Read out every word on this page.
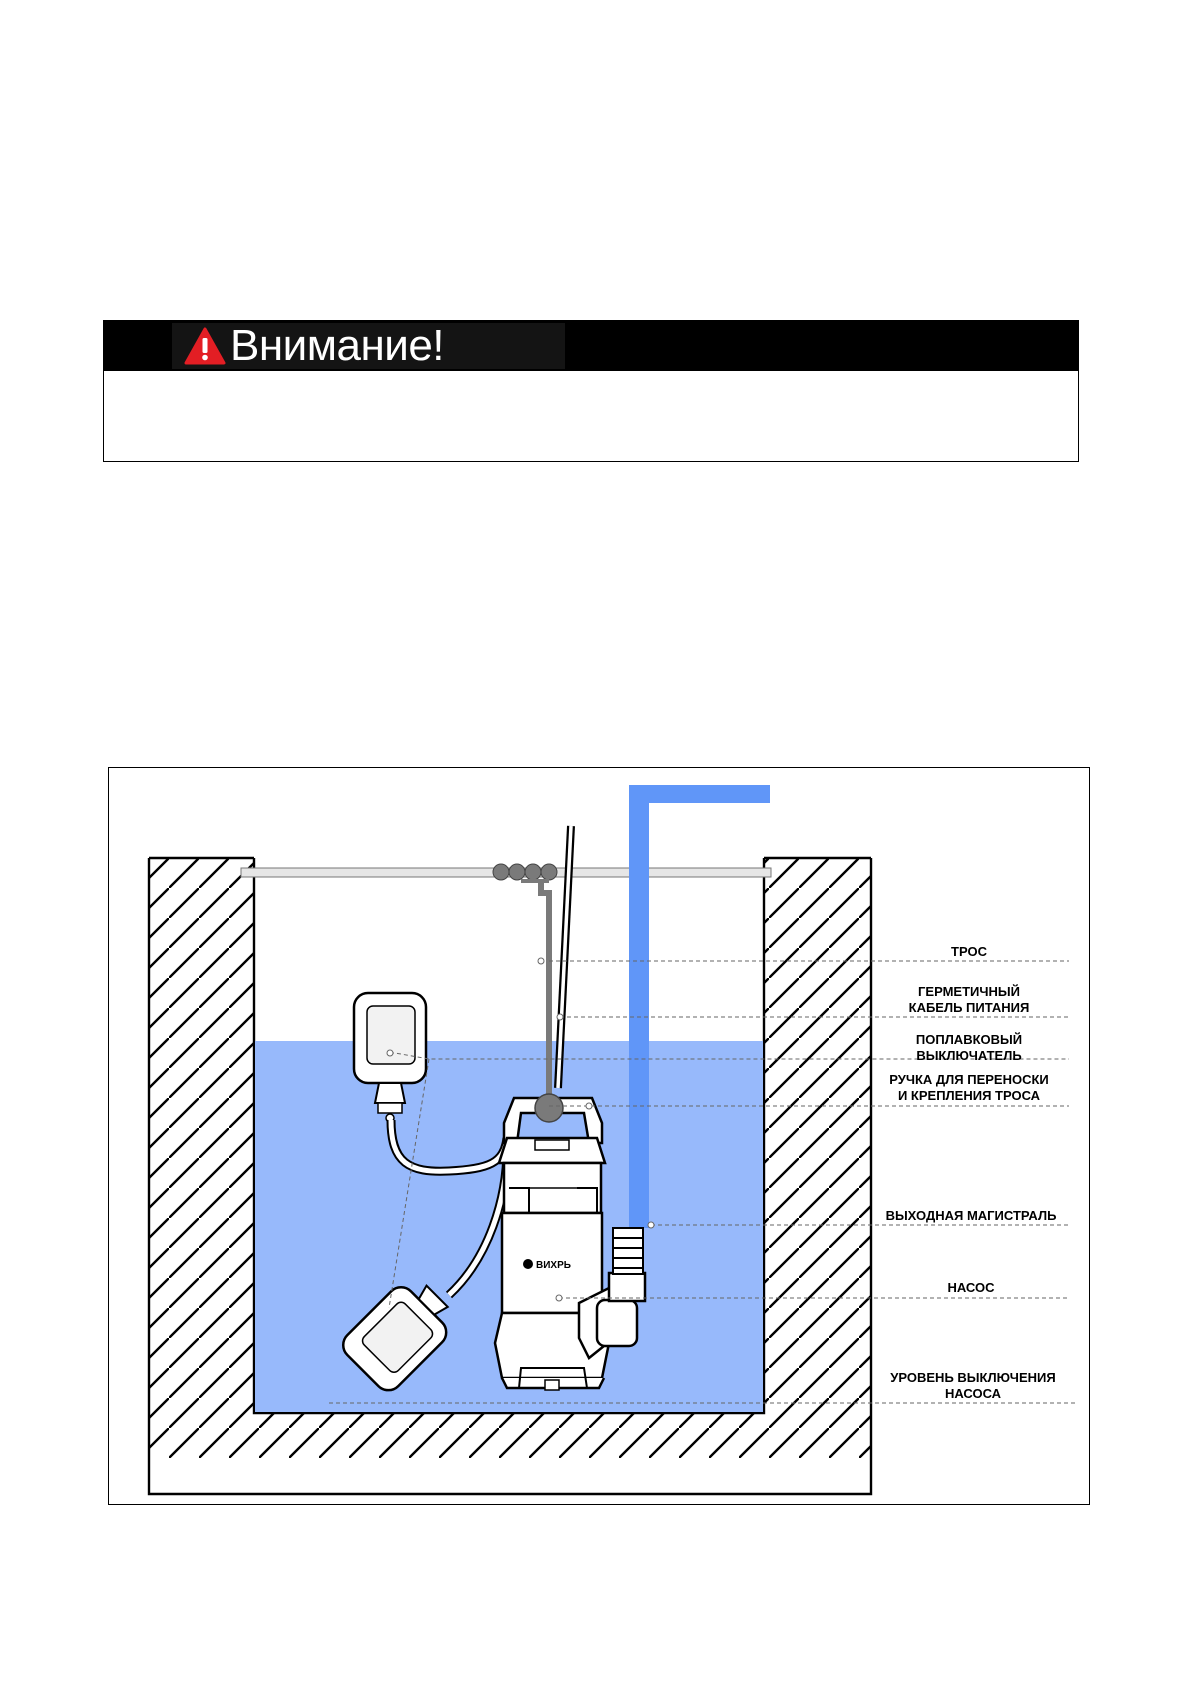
Внимание!
ВИХРЬ
ТРОС
ГЕРМЕТИЧНЫЙ
КАБЕЛЬ ПИТАНИЯ
ПОПЛАВКОВЫЙ
ВЫКЛЮЧАТЕЛЬ
РУЧКА ДЛЯ ПЕРЕНОСКИ
И КРЕПЛЕНИЯ ТРОСА
ВЫХОДНАЯ МАГИСТРАЛЬ
НАСОС
УРОВЕНЬ ВЫКЛЮЧЕНИЯ
НАСОСА
